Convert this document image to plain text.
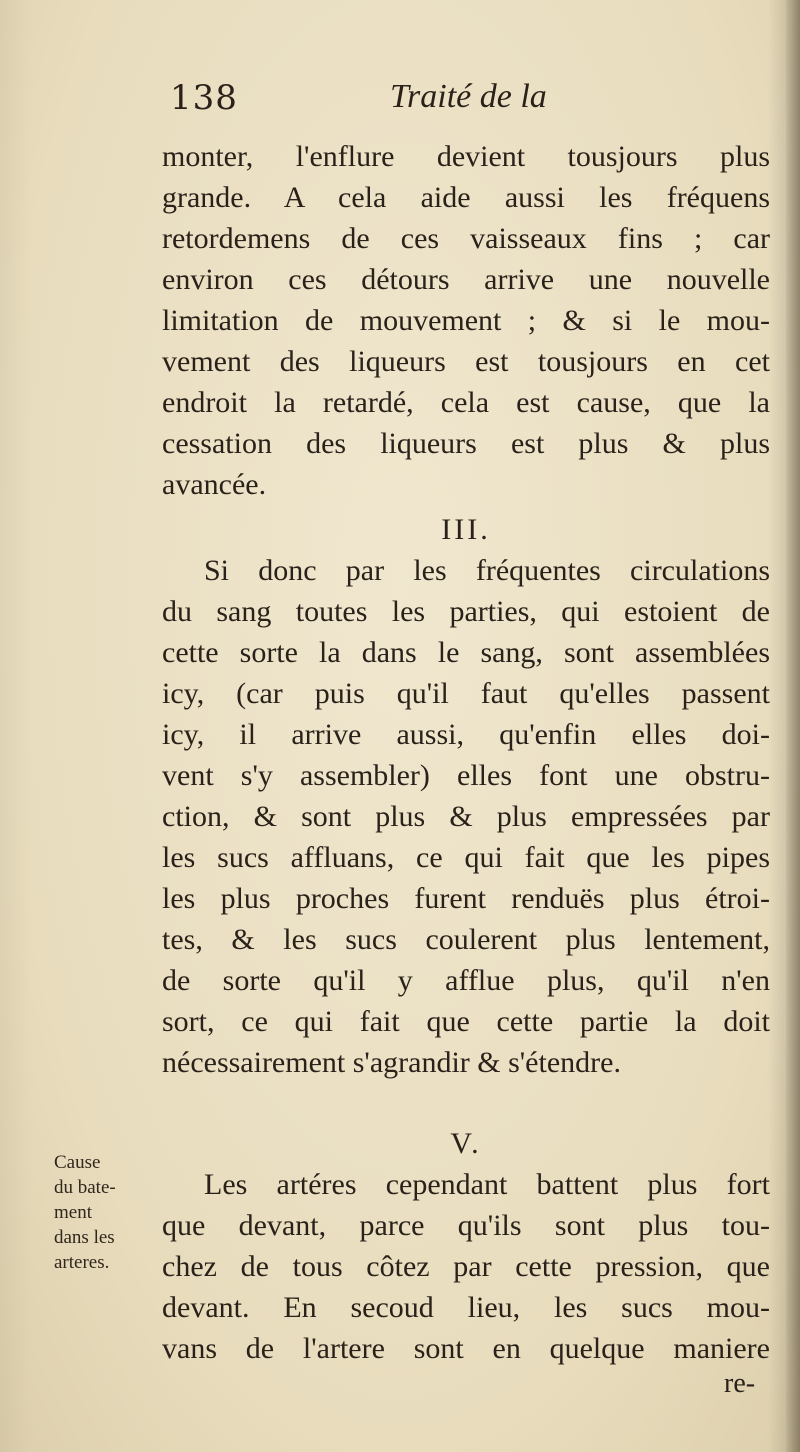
138	Traité de la
monter, l'enflure devient tousjours plus
grande. A cela aide aussi les fréquens
retordemens de ces vaisseaux fins ; car
environ ces détours arrive une nouvelle
limitation de mouvement ; & si le mou-
vement des liqueurs est tousjours en cet
endroit la retardé, cela est cause, que la
cessation des liqueurs est plus & plus
avancée.
III.
Si donc par les fréquentes circulations
du sang toutes les parties, qui estoient de
cette sorte la dans le sang, sont assemblées
icy, (car puis qu'il faut qu'elles passent
icy, il arrive aussi, qu'enfin elles doi-
vent s'y assembler) elles font une obstru-
ction, & sont plus & plus empressées par
les sucs affluans, ce qui fait que les pipes
les plus proches furent renduës plus étroi-
tes, & les sucs coulerent plus lentement,
de sorte qu'il y afflue plus, qu'il n'en
sort, ce qui fait que cette partie la doit
nécessairement s'agrandir & s'étendre.
V.
Les artéres cependant battent plus fort
que devant, parce qu'ils sont plus tou-
chez de tous côtez par cette pression, que
devant. En secoud lieu, les sucs mou-
vans de l'artere sont en quelque maniere
Cause
du bate-
ment
dans les
arteres.
re-
